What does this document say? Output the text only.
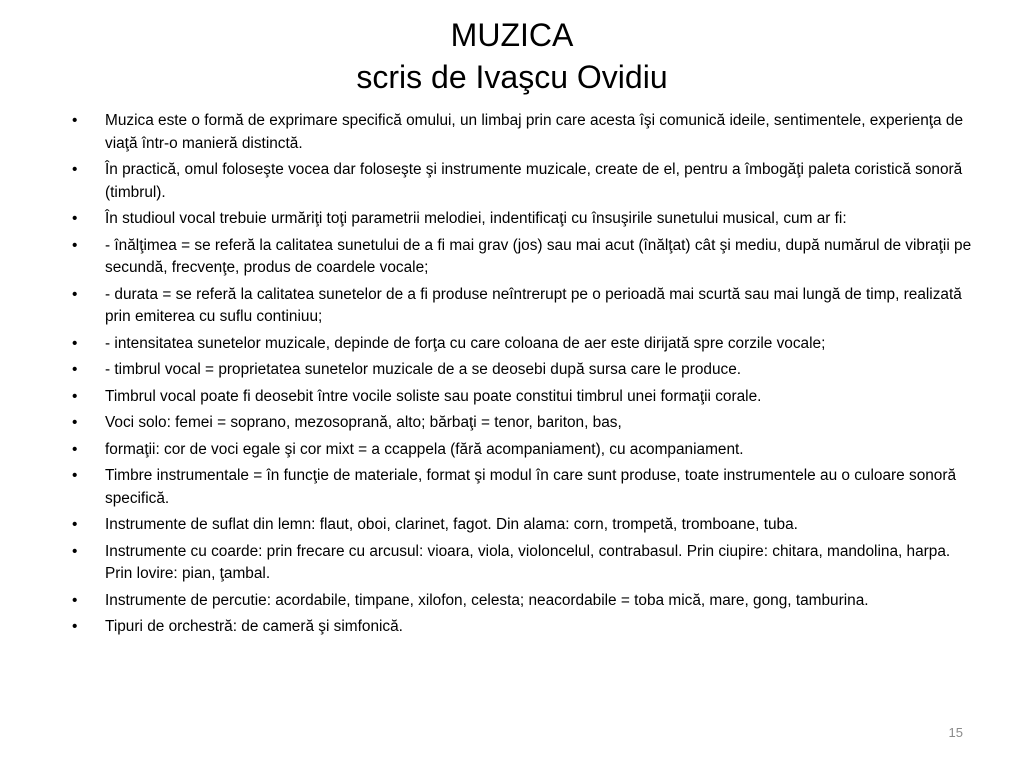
MUZICA
scris de Ivaşcu Ovidiu
•	Muzica este o formă de exprimare specifică omului, un limbaj prin care acesta îşi comunică ideile, sentimentele, experienţa de viaţă într-o manieră distinctă.
•	În practică, omul foloseşte vocea dar foloseşte şi instrumente muzicale, create de el, pentru a îmbogăţi paleta coristică sonoră (timbrul).
•	În studioul vocal trebuie urmăriţi toţi parametrii melodiei, indentificaţi cu însuşirile sunetului musical, cum ar fi:
•	- înălţimea = se referă la calitatea sunetului de a fi mai grav (jos) sau mai acut (înălţat) cât şi mediu, după numărul de vibraţii pe secundă, frecvenţe, produs de coardele vocale;
•	- durata = se referă la calitatea sunetelor de a fi produse neîntrerupt pe o perioadă mai scurtă sau mai lungă de timp, realizată prin emiterea cu suflu continiuu;
•	- intensitatea sunetelor muzicale, depinde de forţa cu care coloana de aer este dirijată spre corzile vocale;
•	- timbrul vocal = proprietatea sunetelor muzicale de a se deosebi după sursa care le produce.
•	Timbrul vocal poate fi deosebit între vocile soliste sau poate constitui timbrul unei formaţii corale.
•	Voci solo: femei = soprano, mezosopranӑ, alto; bărbaţi = tenor, bariton, bas,
•	formaţii: cor de voci egale şi cor mixt = a ccappela (fără acompaniament), cu acompaniament.
•	Timbre instrumentale = în funcţie de materiale, format şi modul în care sunt produse, toate instrumentele au o culoare sonoră specifică.
•	Instrumente de suflat din lemn: flaut, oboi, clarinet, fagot. Din alama: corn, trompetă, tromboane, tuba.
•	Instrumente cu coarde: prin frecare cu arcusul: vioara, viola, violoncelul, contrabasul. Prin ciupire: chitara, mandolina, harpa. Prin lovire: pian, ţambal.
•	Instrumente de percutie: acordabile, timpane, xilofon, celesta; neacordabile = toba mică, mare, gong, tamburina.
•	Tipuri de orchestră: de cameră şi simfonică.
15
